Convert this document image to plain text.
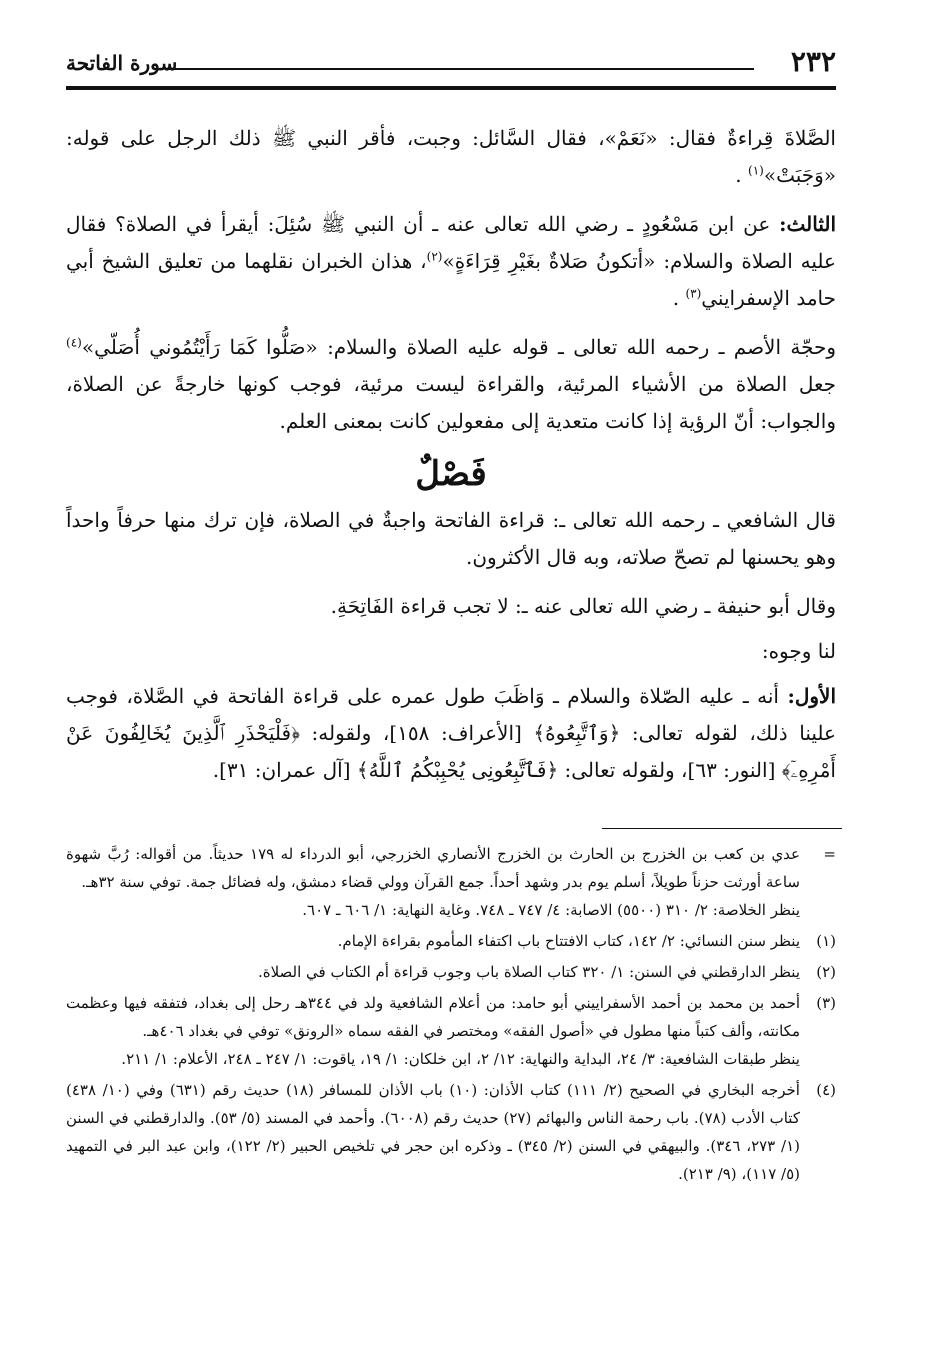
٢٣٢
سورة الفاتحة

الصَّلاةَ قِراءةٌ فقال: «نَعَمْ»، فقال السَّائل: وجبت، فأقر النبي ﷺ ذلك الرجل على قوله: «وَجَبَتْ»$^{(١)}$ .

الثالث: عن ابن مَسْعُودٍ ـ رضي الله تعالى عنه ـ أن النبي ﷺ سُئِلَ: أيقرأ في الصلاة؟ فقال عليه الصلاة والسلام: «أتكونُ صَلاةٌ بغَيْرِ قِرَاءَةٍ»$^{(٢)}$، هذان الخبران نقلهما من تعليق الشيخ أبي حامد الإسفرايني$^{(٣)}$ .

وحجّة الأصم ـ رحمه الله تعالى ـ قوله عليه الصلاة والسلام: «صَلُّوا كَمَا رَأَيْتُمُوني أُصَلّي»$^{(٤)}$ جعل الصلاة من الأشياء المرئية، والقراءة ليست مرئية، فوجب كونها خارجةً عن الصلاة، والجواب: أنّ الرؤية إذا كانت متعدية إلى مفعولين كانت بمعنى العلم.

فَصْلٌ

قال الشافعي ـ رحمه الله تعالى ـ: قراءة الفاتحة واجبةٌ في الصلاة، فإن ترك منها حرفاً واحداً وهو يحسنها لم تصحّ صلاته، وبه قال الأكثرون.

وقال أبو حنيفة ـ رضي الله تعالى عنه ـ: لا تجب قراءة الفَاتِحَةِ.

لنا وجوه:

الأول: أنه ـ عليه الصّلاة والسلام ـ وَاظَبَ طول عمره على قراءة الفاتحة في الصَّلاة، فوجب علينا ذلك، لقوله تعالى: ﴿وَٱتَّبِعُوهُ﴾ [الأعراف: ١٥٨]، ولقوله: ﴿فَلْيَحْذَرِ ٱلَّذِينَ يُخَالِفُونَ عَنْ أَمْرِهِۦٓ﴾ [النور: ٦٣]، ولقوله تعالى: ﴿فَٱتَّبِعُونِى يُحْبِبْكُمُ ٱللَّهُ﴾ [آل عمران: ٣١].

=
عدي بن كعب بن الخزرج بن الحارث بن الخزرج الأنصاري الخزرجي، أبو الدرداء له ١٧٩ حديثاً. من أقواله: رُبَّ شهوة ساعة أورثت حزناً طويلاً، أسلم يوم بدر وشهد أحداً. جمع القرآن وولي قضاء دمشق، وله فضائل جمة. توفي سنة ٣٢هـ.
ينظر الخلاصة: ٢/ ٣١٠ (٥٥٠٠) الاصابة: ٤/ ٧٤٧ ـ ٧٤٨. وغاية النهاية: ١/ ٦٠٦ ـ ٦٠٧.
(١)
ينظر سنن النسائي: ٢/ ١٤٢، كتاب الافتتاح باب اكتفاء المأموم بقراءة الإمام.
(٢)
ينظر الدارقطني في السنن: ١/ ٣٢٠ كتاب الصلاة باب وجوب قراءة أم الكتاب في الصلاة.
(٣)
أحمد بن محمد بن أحمد الأسفراييني أبو حامد: من أعلام الشافعية ولد في ٣٤٤هـ رحل إلى بغداد، فتفقه فيها وعظمت مكانته، وألف كتباً منها مطول في «أصول الفقه» ومختصر في الفقه سماه «الرونق» توفي في بغداد ٤٠٦هـ.
ينظر طبقات الشافعية: ٣/ ٢٤، البداية والنهاية: ١٢/ ٢، ابن خلكان: ١/ ١٩، ياقوت: ١/ ٢٤٧ ـ ٢٤٨، الأعلام: ١/ ٢١١.
(٤)
أخرجه البخاري في الصحيح (٢/ ١١١) كتاب الأذان: (١٠) باب الأذان للمسافر (١٨) حديث رقم (٦٣١) وفي (١٠/ ٤٣٨) كتاب الأدب (٧٨). باب رحمة الناس والبهائم (٢٧) حديث رقم (٦٠٠٨). وأحمد في المسند (٥/ ٥٣). والدارقطني في السنن (١/ ٢٧٣، ٣٤٦). والبيهقي في السنن (٢/ ٣٤٥) ـ وذكره ابن حجر في تلخيص الحبير (٢/ ١٢٢)، وابن عبد البر في التمهيد (٥/ ١١٧)، (٩/ ٢١٣).
